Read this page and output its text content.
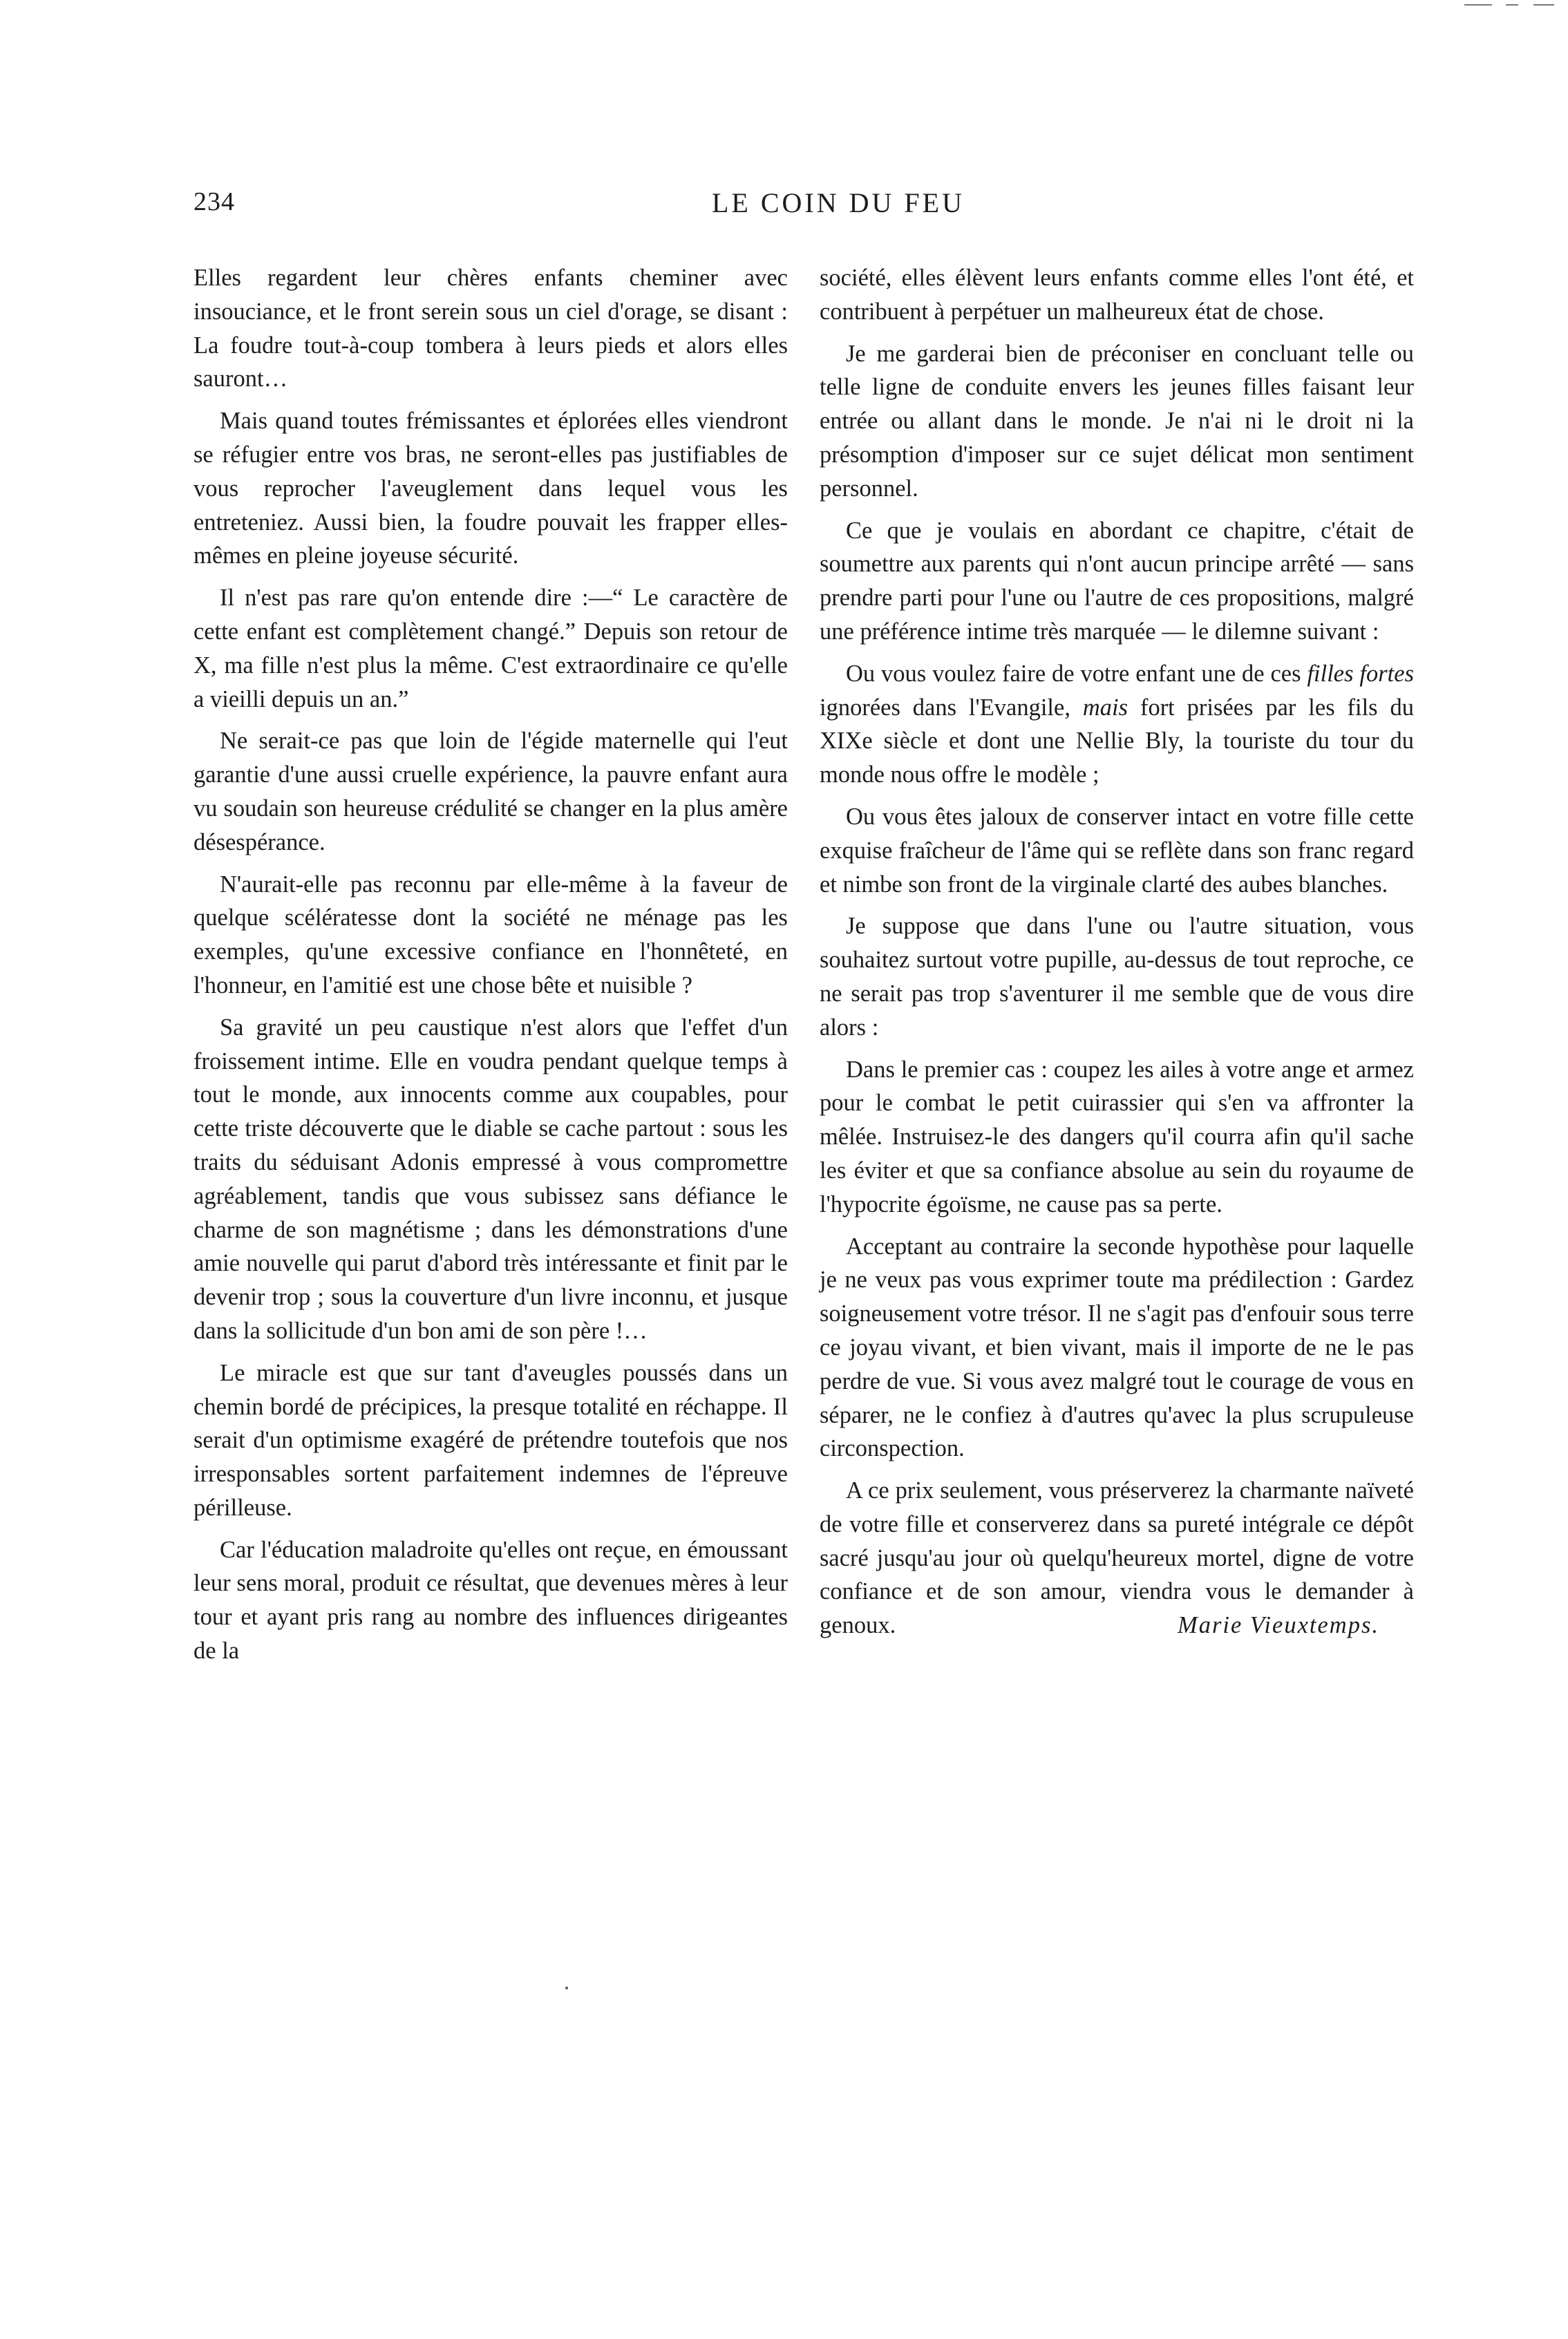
234	LE COIN DU FEU

Elles regardent leur chères enfants cheminer avec insouciance, et le front serein sous un ciel d'orage, se disant : La foudre tout-à-coup tombera à leurs pieds et alors elles sauront…

Mais quand toutes frémissantes et éplorées elles viendront se réfugier entre vos bras, ne seront-elles pas justifiables de vous reprocher l'aveuglement dans lequel vous les entreteniez. Aussi bien, la foudre pouvait les frapper elles-mêmes en pleine joyeuse sécurité.

Il n'est pas rare qu'on entende dire :—“ Le caractère de cette enfant est complètement changé.” Depuis son retour de X, ma fille n'est plus la même. C'est extraordinaire ce qu'elle a vieilli depuis un an.”

Ne serait-ce pas que loin de l'égide maternelle qui l'eut garantie d'une aussi cruelle expérience, la pauvre enfant aura vu soudain son heureuse crédulité se changer en la plus amère désespérance.

N'aurait-elle pas reconnu par elle-même à la faveur de quelque scélératesse dont la société ne ménage pas les exemples, qu'une excessive confiance en l'honnêteté, en l'honneur, en l'amitié est une chose bête et nuisible ?

Sa gravité un peu caustique n'est alors que l'effet d'un froissement intime. Elle en voudra pendant quelque temps à tout le monde, aux innocents comme aux coupables, pour cette triste découverte que le diable se cache partout : sous les traits du séduisant Adonis empressé à vous compromettre agréablement, tandis que vous subissez sans défiance le charme de son magnétisme ; dans les démonstrations d'une amie nouvelle qui parut d'abord très intéressante et finit par le devenir trop ; sous la couverture d'un livre inconnu, et jusque dans la sollicitude d'un bon ami de son père !…

Le miracle est que sur tant d'aveugles poussés dans un chemin bordé de précipices, la presque totalité en réchappe. Il serait d'un optimisme exagéré de prétendre toutefois que nos irresponsables sortent parfaitement indemnes de l'épreuve périlleuse.

Car l'éducation maladroite qu'elles ont reçue, en émoussant leur sens moral, produit ce résultat, que devenues mères à leur tour et ayant pris rang au nombre des influences dirigeantes de la

société, elles élèvent leurs enfants comme elles l'ont été, et contribuent à perpétuer un malheureux état de chose.

Je me garderai bien de préconiser en concluant telle ou telle ligne de conduite envers les jeunes filles faisant leur entrée ou allant dans le monde. Je n'ai ni le droit ni la présomption d'imposer sur ce sujet délicat mon sentiment personnel.

Ce que je voulais en abordant ce chapitre, c'était de soumettre aux parents qui n'ont aucun principe arrêté — sans prendre parti pour l'une ou l'autre de ces propositions, malgré une préférence intime très marquée — le dilemne suivant :

Ou vous voulez faire de votre enfant une de ces filles fortes ignorées dans l'Evangile, mais fort prisées par les fils du XIXe siècle et dont une Nellie Bly, la touriste du tour du monde nous offre le modèle ;

Ou vous êtes jaloux de conserver intact en votre fille cette exquise fraîcheur de l'âme qui se reflète dans son franc regard et nimbe son front de la virginale clarté des aubes blanches.

Je suppose que dans l'une ou l'autre situation, vous souhaitez surtout votre pupille, au-dessus de tout reproche, ce ne serait pas trop s'aventurer il me semble que de vous dire alors :

Dans le premier cas : coupez les ailes à votre ange et armez pour le combat le petit cuirassier qui s'en va affronter la mêlée. Instruisez-le des dangers qu'il courra afin qu'il sache les éviter et que sa confiance absolue au sein du royaume de l'hypocrite égoïsme, ne cause pas sa perte.

Acceptant au contraire la seconde hypothèse pour laquelle je ne veux pas vous exprimer toute ma prédilection : Gardez soigneusement votre trésor. Il ne s'agit pas d'enfouir sous terre ce joyau vivant, et bien vivant, mais il importe de ne le pas perdre de vue. Si vous avez malgré tout le courage de vous en séparer, ne le confiez à d'autres qu'avec la plus scrupuleuse circonspection.

A ce prix seulement, vous préserverez la charmante naïveté de votre fille et conserverez dans sa pureté intégrale ce dépôt sacré jusqu'au jour où quelqu'heureux mortel, digne de votre confiance et de son amour, viendra vous le demander à genoux.	Marie Vieuxtemps.
